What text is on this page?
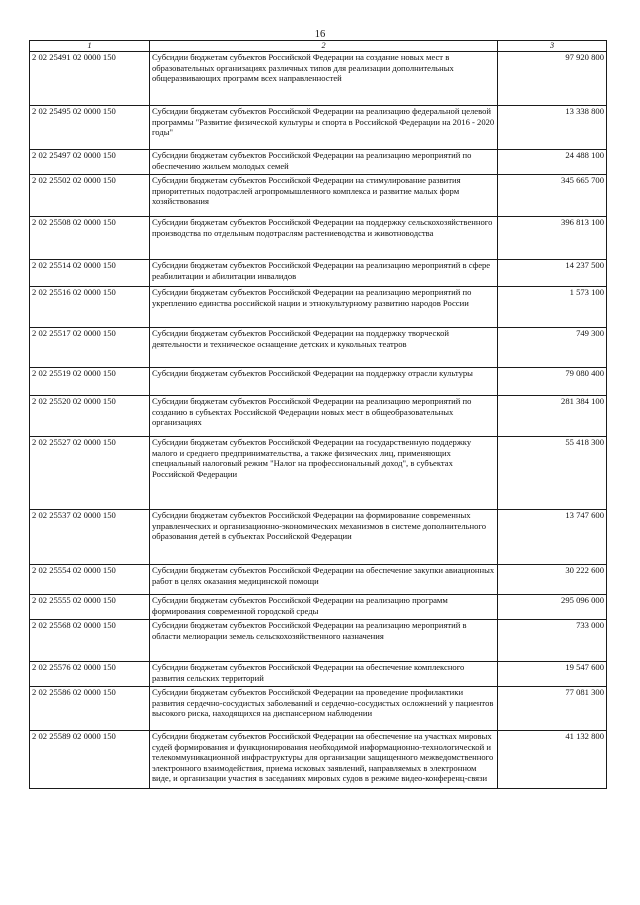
16
1	2	3
2 02 25491 02 0000 150	Субсидии бюджетам субъектов Российской Федерации на создание новых мест в образовательных организациях различных типов для реализации дополнительных общеразвивающих программ всех направленностей	97 920 800
2 02 25495 02 0000 150	Субсидии бюджетам субъектов Российской Федерации на реализацию федеральной целевой программы "Развитие физической культуры и спорта в Российской Федерации на 2016 - 2020 годы"	13 338 800
2 02 25497 02 0000 150	Субсидии бюджетам субъектов Российской Федерации на реализацию мероприятий по обеспечению жильем молодых семей	24 488 100
2 02 25502 02 0000 150	Субсидии бюджетам субъектов Российской Федерации на стимулирование развития приоритетных подотраслей агропромышленного комплекса и развитие малых форм хозяйствования	345 665 700
2 02 25508 02 0000 150	Субсидии бюджетам субъектов Российской Федерации на поддержку сельскохозяйственного производства по отдельным подотраслям растениеводства и животноводства	396 813 100
2 02 25514 02 0000 150	Субсидии бюджетам субъектов Российской Федерации на реализацию мероприятий в сфере реабилитации и абилитации инвалидов	14 237 500
2 02 25516 02 0000 150	Субсидии бюджетам субъектов Российской Федерации на реализацию мероприятий по укреплению единства российской нации и этнокультурному развитию народов России	1 573 100
2 02 25517 02 0000 150	Субсидии бюджетам субъектов Российской Федерации на поддержку творческой деятельности и техническое оснащение детских и кукольных театров	749 300
2 02 25519 02 0000 150	Субсидии бюджетам субъектов Российской Федерации на поддержку отрасли культуры	79 080 400
2 02 25520 02 0000 150	Субсидии бюджетам субъектов Российской Федерации на реализацию мероприятий по созданию в субъектах Российской Федерации новых мест в общеобразовательных организациях	281 384 100
2 02 25527 02 0000 150	Субсидии бюджетам субъектов Российской Федерации на государственную поддержку малого и среднего предпринимательства, а также физических лиц, применяющих специальный налоговый режим "Налог на профессиональный доход", в субъектах Российской Федерации	55 418 300
2 02 25537 02 0000 150	Субсидии бюджетам субъектов Российской Федерации на формирование современных управленческих и организационно-экономических механизмов в системе дополнительного образования детей в субъектах Российской Федерации	13 747 600
2 02 25554 02 0000 150	Субсидии бюджетам субъектов Российской Федерации на обеспечение закупки авиационных работ в целях оказания медицинской помощи	30 222 600
2 02 25555 02 0000 150	Субсидии бюджетам субъектов Российской Федерации на реализацию программ формирования современной городской среды	295 096 000
2 02 25568 02 0000 150	Субсидии бюджетам субъектов Российской Федерации на реализацию мероприятий в области мелиорации земель сельскохозяйственного назначения	733 000
2 02 25576 02 0000 150	Субсидии бюджетам субъектов Российской Федерации на обеспечение комплексного развития сельских территорий	19 547 600
2 02 25586 02 0000 150	Субсидии бюджетам субъектов Российской Федерации на проведение профилактики развития сердечно-сосудистых заболеваний и сердечно-сосудистых осложнений у пациентов высокого риска, находящихся на диспансерном наблюдении	77 081 300
2 02 25589 02 0000 150	Субсидии бюджетам субъектов Российской Федерации на обеспечение на участках мировых судей формирования и функционирования необходимой информационно-технологической и телекоммуникационной инфраструктуры для организации защищенного межведомственного электронного взаимодействия, приема исковых заявлений, направляемых в электронном виде, и организации участия в заседаниях мировых судов в режиме видео-конференц-связи	41 132 800
